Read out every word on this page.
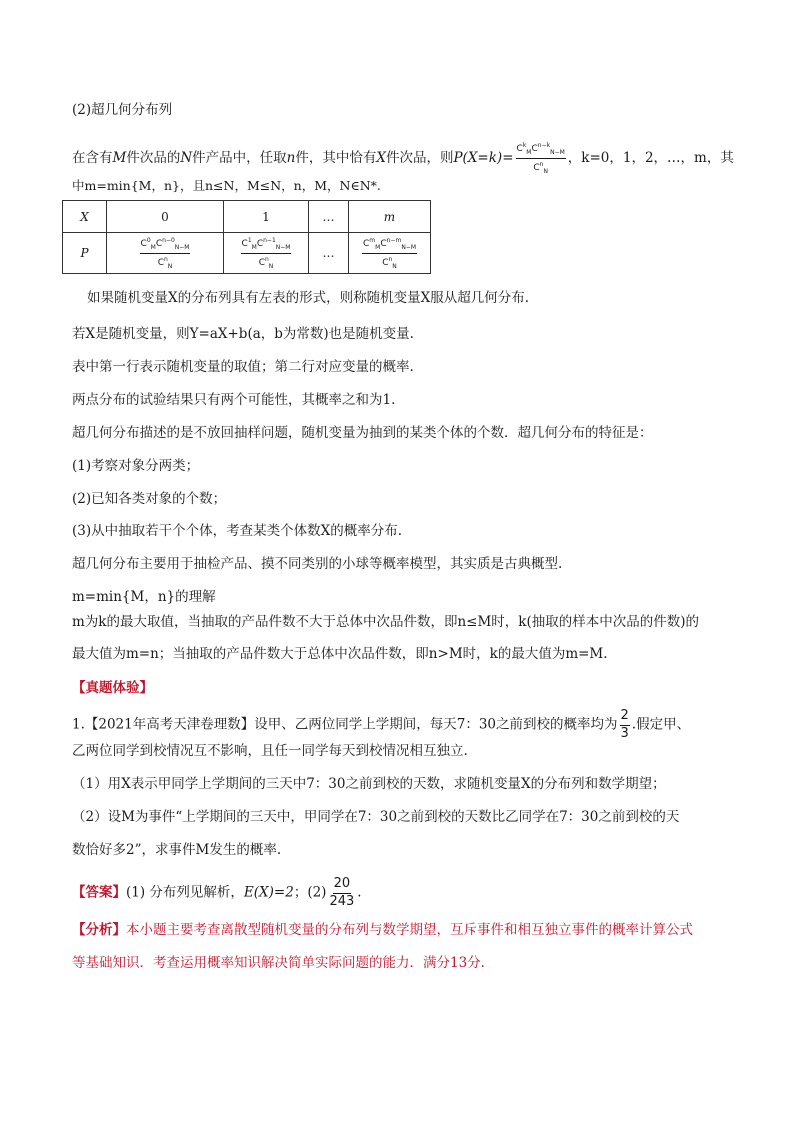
(2)超几何分布列
在含有M件次品的N件产品中，任取n件，其中恰有X件次品，则$P(X=k)= \frac{C^k_MC^{n-k}_{N-M}}{C^n_N}$ ，k=0，1，2，…，m，其
中m=min{M，n}，且n≤N，M≤N，n，M，N∈N*.
X	0	1	…	m
P	$\frac{C^0_MC^{n-0}_{N-M}}{C^n_N}$	$\frac{C^1_MC^{n-1}_{N-M}}{C^n_N}$	…	$\frac{C^m_MC^{n-m}_{N-M}}{C^n_N}$
如果随机变量X的分布列具有左表的形式，则称随机变量X服从超几何分布.
若X是随机变量，则Y=aX+b(a，b为常数)也是随机变量.
表中第一行表示随机变量的取值；第二行对应变量的概率.
两点分布的试验结果只有两个可能性，其概率之和为1.
超几何分布描述的是不放回抽样问题，随机变量为抽到的某类个体的个数．超几何分布的特征是：
(1)考察对象分两类；
(2)已知各类对象的个数；
(3)从中抽取若干个个体，考查某类个体数X的概率分布.
超几何分布主要用于抽检产品、摸不同类别的小球等概率模型，其实质是古典概型.
m=min{M，n}的理解
m为k的最大取值，当抽取的产品件数不大于总体中次品件数，即n≤M时，k(抽取的样本中次品的件数)的
最大值为m=n；当抽取的产品件数大于总体中次品件数，即n>M时，k的最大值为m=M.
【真题体验】
1.【2021年高考天津卷理数】设甲、乙两位同学上学期间，每天7：30之前到校的概率均为 $\frac{2}{3}$ .假定甲、
乙两位同学到校情况互不影响，且任一同学每天到校情况相互独立.
（1）用X表示甲同学上学期间的三天中7：30之前到校的天数，求随机变量X的分布列和数学期望；
（2）设M为事件“上学期间的三天中，甲同学在7：30之前到校的天数比乙同学在7：30之前到校的天
数恰好多2”，求事件M发生的概率.
【答案】(1) 分布列见解析，E(X)=2；$(2) \frac{20}{243}$ .
【分析】本小题主要考查离散型随机变量的分布列与数学期望，互斥事件和相互独立事件的概率计算公式
等基础知识．考查运用概率知识解决简单实际问题的能力．满分13分.
